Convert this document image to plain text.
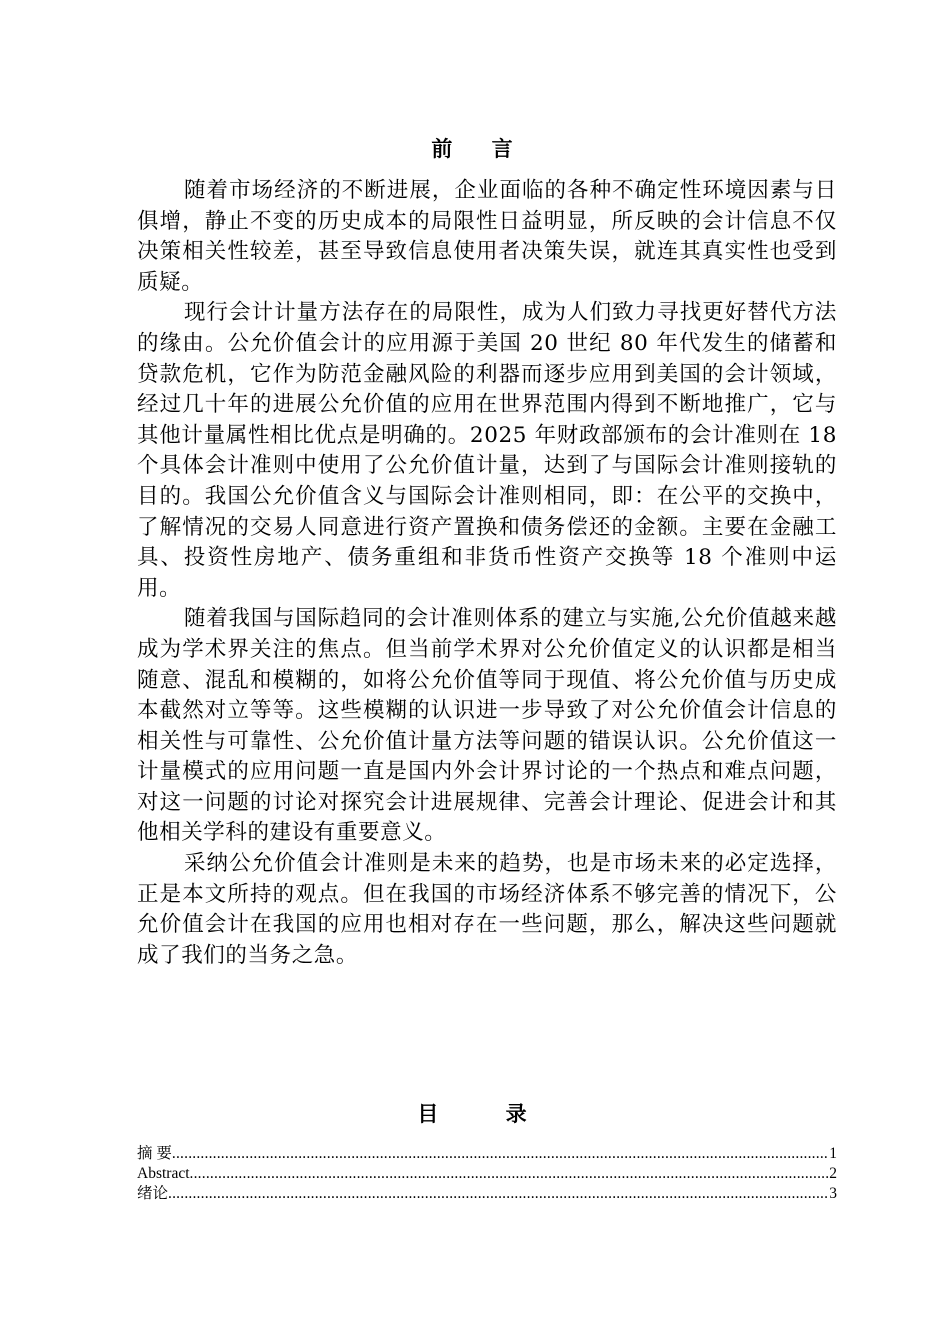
前 言

随着市场经济的不断进展，企业面临的各种不确定性环境因素与日俱增，静止不变的历史成本的局限性日益明显，所反映的会计信息不仅决策相关性较差，甚至导致信息使用者决策失误，就连其真实性也受到质疑。

现行会计计量方法存在的局限性，成为人们致力寻找更好替代方法的缘由。公允价值会计的应用源于美国 20 世纪 80 年代发生的储蓄和贷款危机，它作为防范金融风险的利器而逐步应用到美国的会计领域，经过几十年的进展公允价值的应用在世界范围内得到不断地推广，它与其他计量属性相比优点是明确的。2025 年财政部颁布的会计准则在 18 个具体会计准则中使用了公允价值计量，达到了与国际会计准则接轨的目的。我国公允价值含义与国际会计准则相同，即：在公平的交换中，了解情况的交易人同意进行资产置换和债务偿还的金额。主要在金融工具、投资性房地产、债务重组和非货币性资产交换等 18 个准则中运用。

随着我国与国际趋同的会计准则体系的建立与实施,公允价值越来越成为学术界关注的焦点。但当前学术界对公允价值定义的认识都是相当随意、混乱和模糊的，如将公允价值等同于现值、将公允价值与历史成本截然对立等等。这些模糊的认识进一步导致了对公允价值会计信息的相关性与可靠性、公允价值计量方法等问题的错误认识。公允价值这一计量模式的应用问题一直是国内外会计界讨论的一个热点和难点问题，对这一问题的讨论对探究会计进展规律、完善会计理论、促进会计和其他相关学科的建设有重要意义。

采纳公允价值会计准则是未来的趋势，也是市场未来的必定选择，正是本文所持的观点。但在我国的市场经济体系不够完善的情况下，公允价值会计在我国的应用也相对存在一些问题，那么，解决这些问题就成了我们的当务之急。

目 录
摘 要 .....	1
Abstract .....	2
绪论 .....	3
